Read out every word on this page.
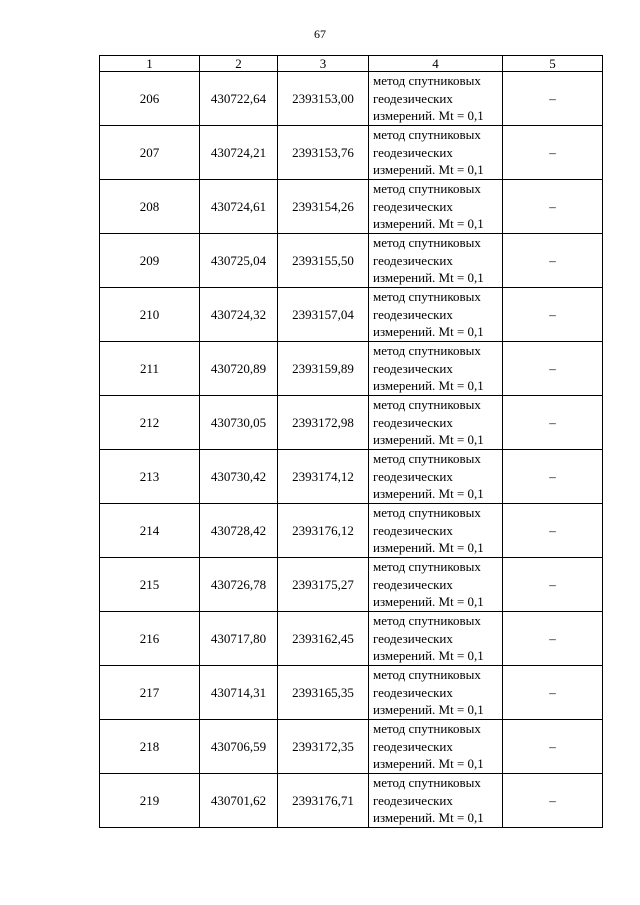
67
1	2	3	4	5
206	430722,64	2393153,00	метод спутниковых
геодезических
измерений. Mt = 0,1	–
207	430724,21	2393153,76	метод спутниковых
геодезических
измерений. Mt = 0,1	–
208	430724,61	2393154,26	метод спутниковых
геодезических
измерений. Mt = 0,1	–
209	430725,04	2393155,50	метод спутниковых
геодезических
измерений. Mt = 0,1	–
210	430724,32	2393157,04	метод спутниковых
геодезических
измерений. Mt = 0,1	–
211	430720,89	2393159,89	метод спутниковых
геодезических
измерений. Mt = 0,1	–
212	430730,05	2393172,98	метод спутниковых
геодезических
измерений. Mt = 0,1	–
213	430730,42	2393174,12	метод спутниковых
геодезических
измерений. Mt = 0,1	–
214	430728,42	2393176,12	метод спутниковых
геодезических
измерений. Mt = 0,1	–
215	430726,78	2393175,27	метод спутниковых
геодезических
измерений. Mt = 0,1	–
216	430717,80	2393162,45	метод спутниковых
геодезических
измерений. Mt = 0,1	–
217	430714,31	2393165,35	метод спутниковых
геодезических
измерений. Mt = 0,1	–
218	430706,59	2393172,35	метод спутниковых
геодезических
измерений. Mt = 0,1	–
219	430701,62	2393176,71	метод спутниковых
геодезических
измерений. Mt = 0,1	–
